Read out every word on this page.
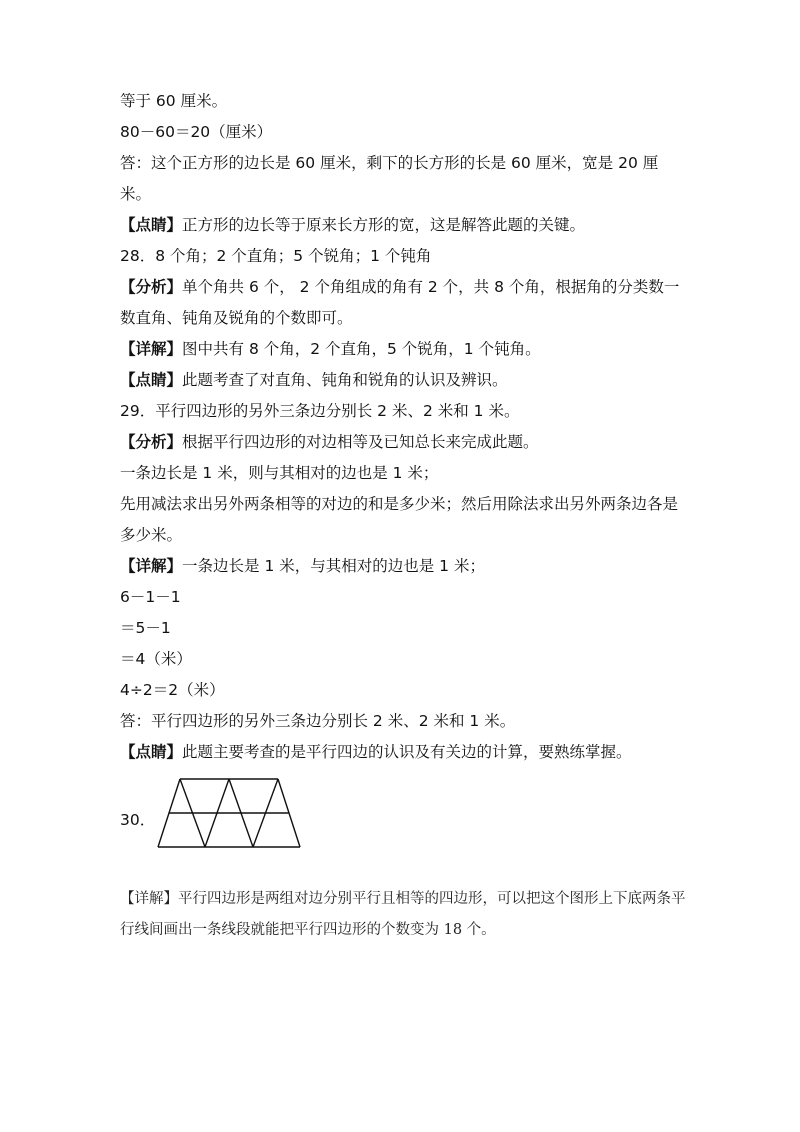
等于 60 厘米。
80－60＝20（厘米）
答：这个正方形的边长是 60 厘米，剩下的长方形的长是 60 厘米，宽是 20 厘
米。
【点睛】正方形的边长等于原来长方形的宽，这是解答此题的关键。
28．8 个角；2 个直角；5 个锐角；1 个钝角
【分析】单个角共 6 个， 2 个角组成的角有 2 个，共 8 个角，根据角的分类数一数直角、钝角及锐角的个数即可。
【详解】图中共有 8 个角，2 个直角，5 个锐角，1 个钝角。
【点睛】此题考查了对直角、钝角和锐角的认识及辨识。
29．平行四边形的另外三条边分别长 2 米、2 米和 1 米。
【分析】根据平行四边形的对边相等及已知总长来完成此题。
一条边长是 1 米，则与其相对的边也是 1 米；
先用减法求出另外两条相等的对边的和是多少米；然后用除法求出另外两条边各是多少米。
【详解】一条边长是 1 米，与其相对的边也是 1 米；
6－1－1
＝5－1
＝4（米）
4÷2＝2（米）
答：平行四边形的另外三条边分别长 2 米、2 米和 1 米。
【点睛】此题主要考查的是平行四边的认识及有关边的计算，要熟练掌握。
30．
【详解】平行四边形是两组对边分别平行且相等的四边形，可以把这个图形上下底两条平行线间画出一条线段就能把平行四边形的个数变为 18 个。
